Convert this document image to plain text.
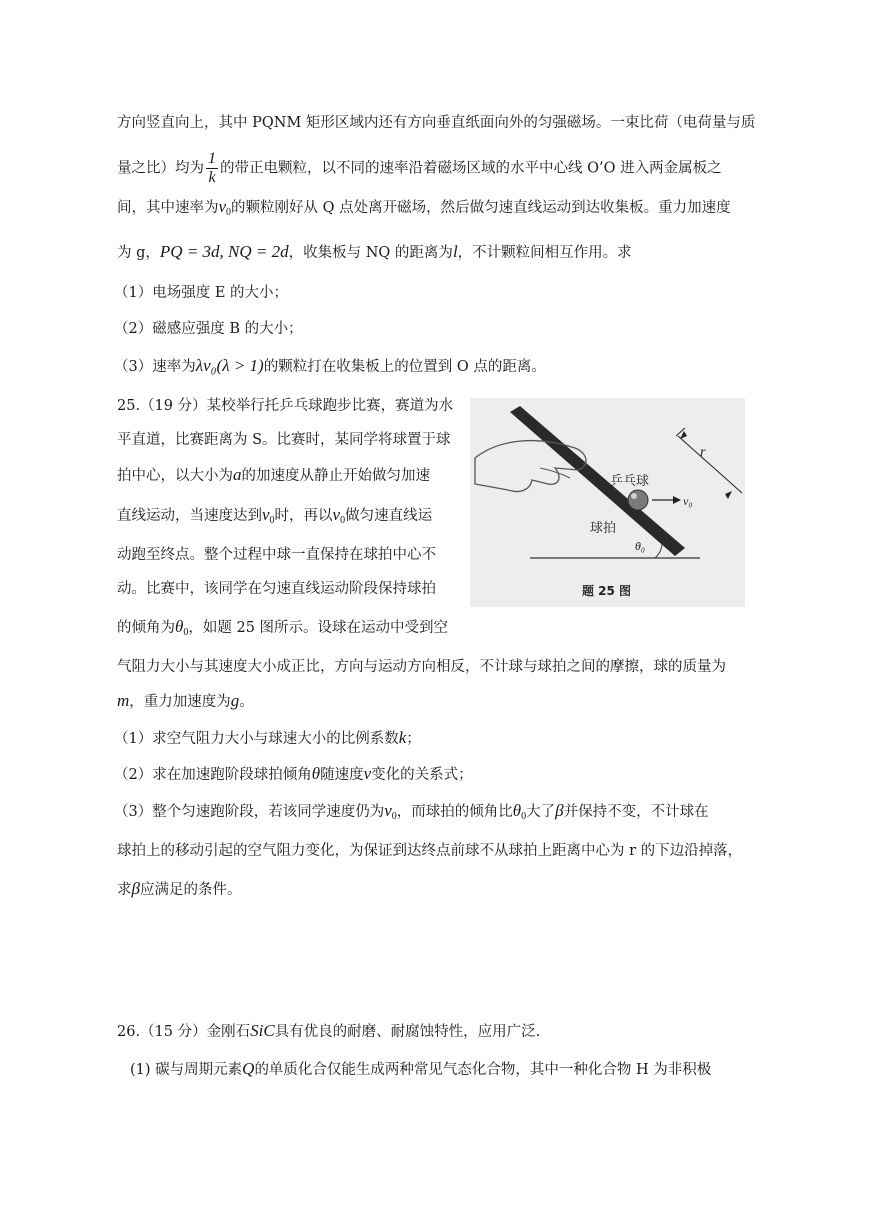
方向竖直向上，其中 PQNM 矩形区域内还有方向垂直纸面向外的匀强磁场。一束比荷（电荷量与质
量之比）均为 $\frac{1}{k}$ 的带正电颗粒，以不同的速率沿着磁场区域的水平中心线 O’O 进入两金属板之
间，其中速率为$v_0$的颗粒刚好从 Q 点处离开磁场，然后做匀速直线运动到达收集板。重力加速度
为 g，PQ = 3d, NQ = 2d，收集板与 NQ 的距离为l，不计颗粒间相互作用。求
（1）电场强度 E 的大小；
（2）磁感应强度 B 的大小；
（3）速率为λv₀(λ > 1)的颗粒打在收集板上的位置到 O 点的距离。
25.（19 分）某校举行托乒乓球跑步比赛，赛道为水
平直道，比赛距离为 S。比赛时，某同学将球置于球
拍中心，以大小为a的加速度从静止开始做匀加速
直线运动，当速度达到$v_0$时，再以$v_0$做匀速直线运
动跑至终点。整个过程中球一直保持在球拍中心不
动。比赛中，该同学在匀速直线运动阶段保持球拍
的倾角为$\theta_0$，如题 25 图所示。设球在运动中受到空
气阻力大小与其速度大小成正比，方向与运动方向相反，不计球与球拍之间的摩擦，球的质量为
m，重力加速度为g。
（1）求空气阻力大小与球速大小的比例系数k；
（2）求在加速跑阶段球拍倾角θ随速度v变化的关系式；
（3）整个匀速跑阶段，若该同学速度仍为$v_0$，而球拍的倾角比$\theta_0$大了β并保持不变，不计球在
球拍上的移动引起的空气阻力变化，为保证到达终点前球不从球拍上距离中心为 r 的下边沿掉落，
求β应满足的条件。
乒乓球
球拍
r
v₀
θ₀
题 25 图
26.（15 分）金刚石SiC具有优良的耐磨、耐腐蚀特性，应用广泛.
(1) 碳与周期元素Q的单质化合仅能生成两种常见气态化合物，其中一种化合物 H 为非积极
